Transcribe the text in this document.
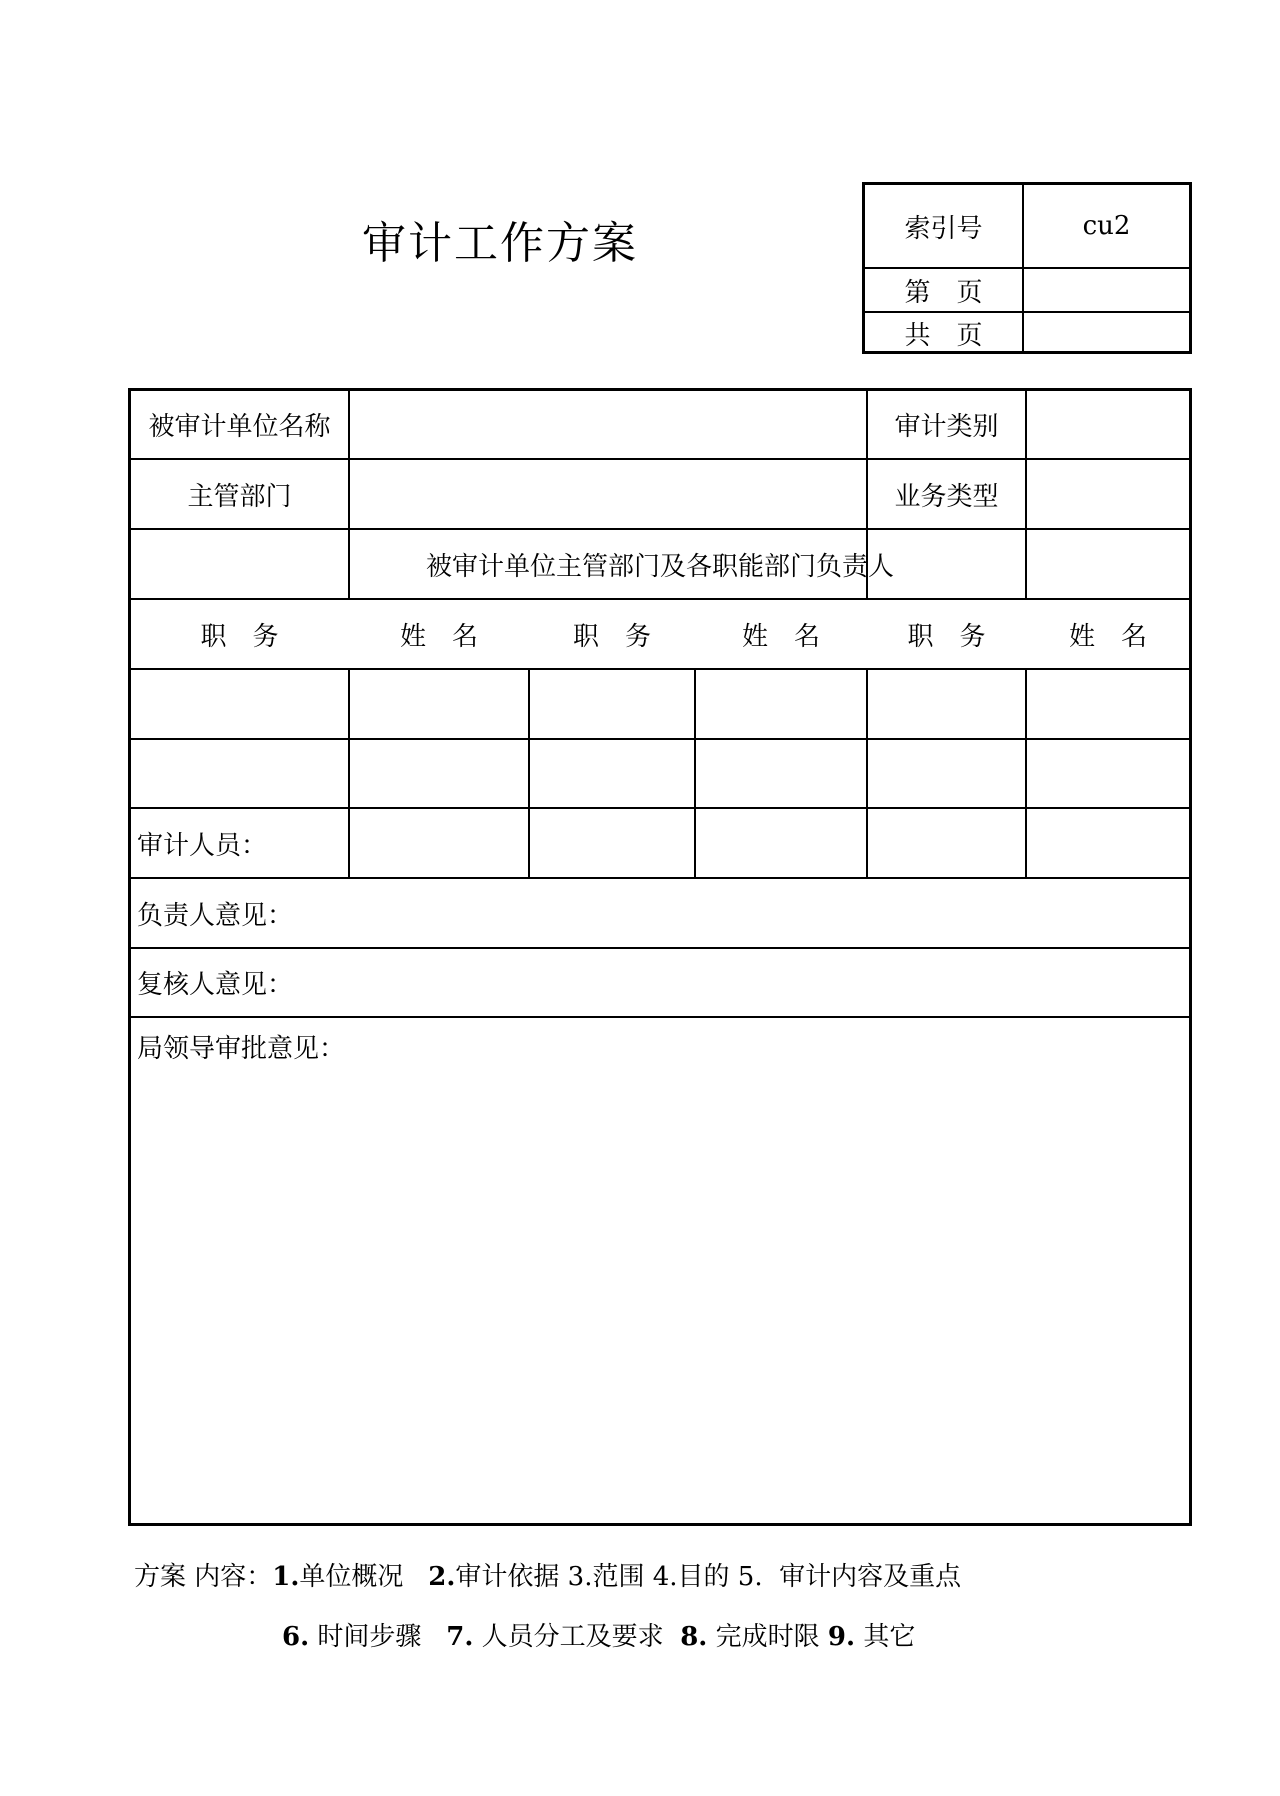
审计工作方案	索引号	cu2
第　页
共　页
被审计单位名称	审计类别
主管部门	业务类型
被审计单位主管部门及各职能部门负责人
职　务	姓　名	职　务	姓　名	职　务	姓　名
审计人员：
负责人意见：
复核人意见：
局领导审批意见：
方案 内容：1.单位概况 2.审计依据 3.范围 4.目的 5. 审计内容及重点
6. 时间步骤 7. 人员分工及要求 8. 完成时限 9. 其它
